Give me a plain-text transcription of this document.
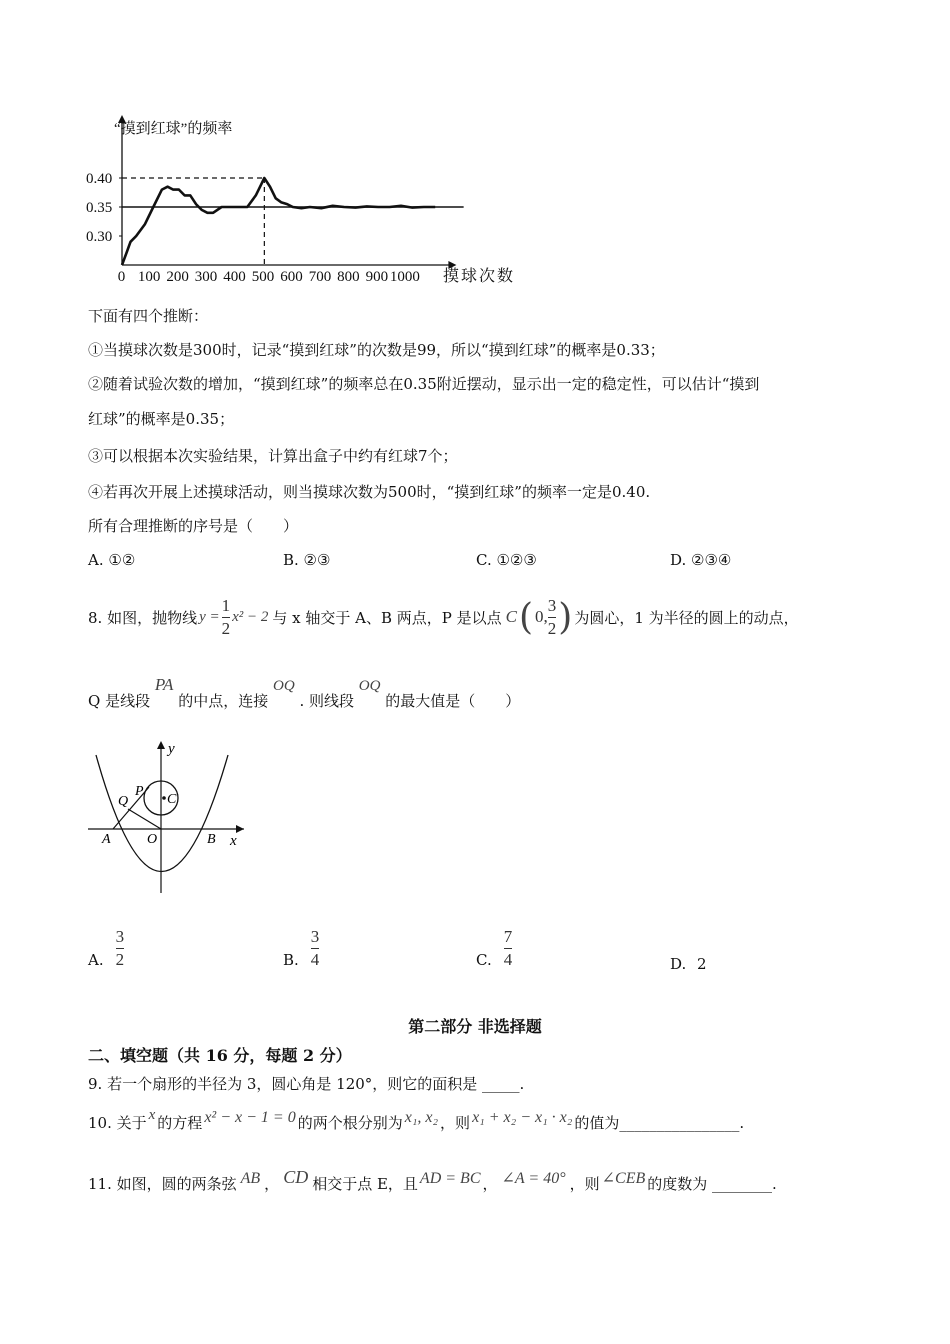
0.30
0.35
0.40
0 100 200 300 400 500 600 700 800 900 1000
“摸到红球”的频率
摸球次数
下面有四个推断：
①当摸球次数是300时，记录“摸到红球”的次数是99，所以“摸到红球”的概率是0.33；
②随着试验次数的增加，“摸到红球”的频率总在0.35附近摆动，显示出一定的稳定性，可以估计“摸到
红球”的概率是0.35；
③可以根据本次实验结果，计算出盒子中约有红球7个；
④若再次开展上述摸球活动，则当摸球次数为500时，“摸到红球”的频率一定是0.40.
所有合理推断的序号是（　　）
A. ①②	B. ②③	C. ①②③	D. ②③④
8. 如图，抛物线 $y = \frac{1}{2} x^2 - 2$ 与 x 轴交于 A、B 两点，P 是以点 C ( 0, $\frac{3}{2}$ ) 为圆心，1 为半径的圆上的动点，
Q 是线段 PA 的中点，连接 OQ . 则线段 OQ 的最大值是（　　）
y
x
P
C
Q
A	O	B
A. $\frac{3}{2}$	B. $\frac{3}{4}$	C. $\frac{7}{4}$	D. 2
第二部分 非选择题
二、填空题（共 16 分，每题 2 分）
9. 若一个扇形的半径为 3，圆心角是 120°，则它的面积是 _____.
10. 关于 x 的方程 x² − x − 1 = 0 的两个根分别为 x₁, x₂ ，则 x₁ + x₂ − x₁ · x₂ 的值为________________.
11. 如图，圆的两条弦 AB ， CD 相交于点 E，且 AD = BC ， ∠A = 40° ，则 ∠CEB 的度数为 ________.
